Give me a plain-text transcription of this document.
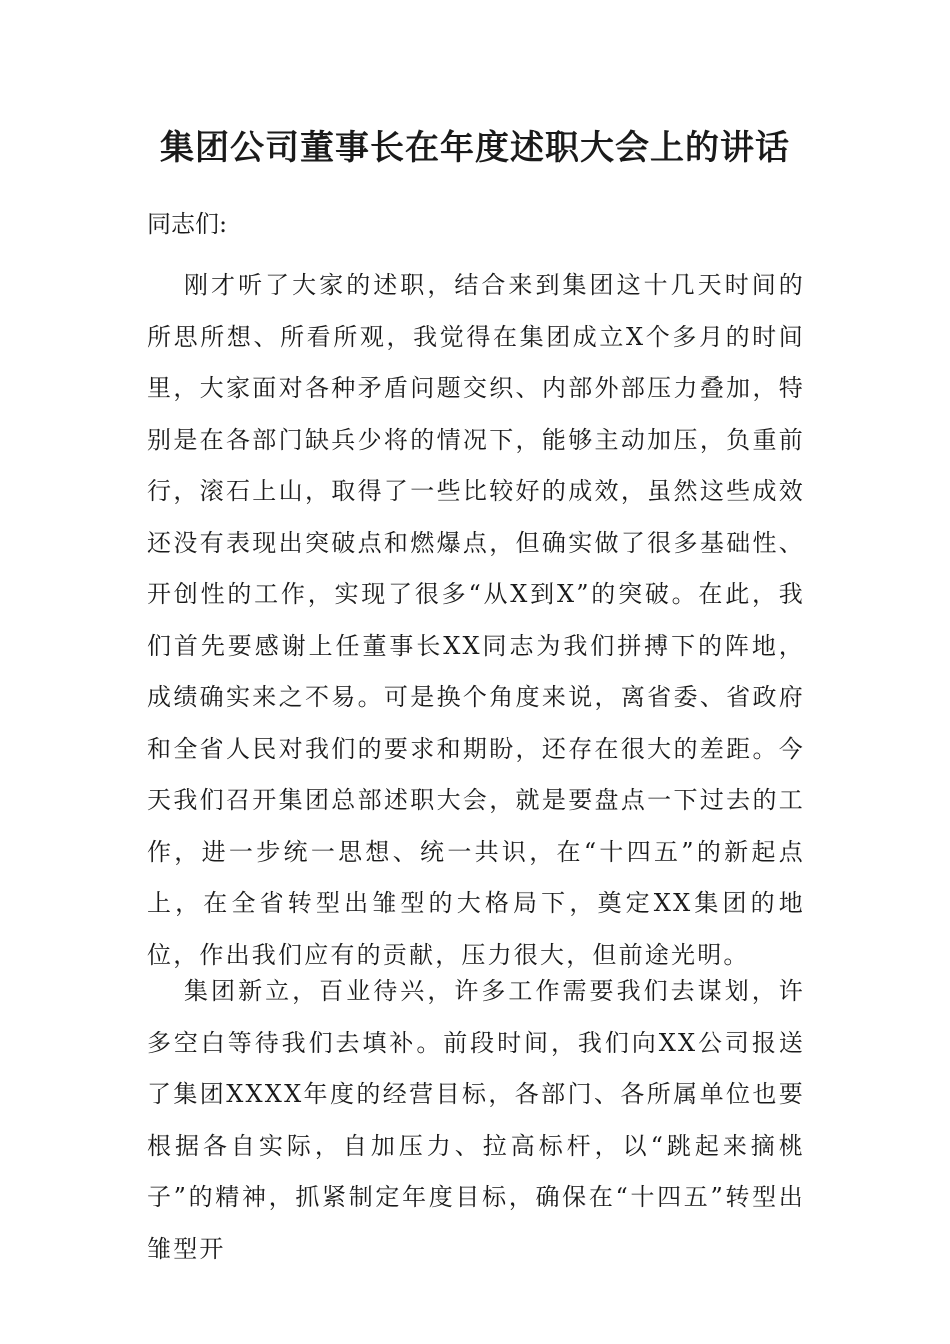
集团公司董事长在年度述职大会上的讲话

同志们:

刚才听了大家的述职，结合来到集团这十几天时间的所思所想、所看所观，我觉得在集团成立X个多月的时间里，大家面对各种矛盾问题交织、内部外部压力叠加，特别是在各部门缺兵少将的情况下，能够主动加压，负重前行，滚石上山，取得了一些比较好的成效，虽然这些成效还没有表现出突破点和燃爆点，但确实做了很多基础性、开创性的工作，实现了很多“从X到X”的突破。在此，我们首先要感谢上任董事长XX同志为我们拼搏下的阵地，成绩确实来之不易。可是换个角度来说，离省委、省政府和全省人民对我们的要求和期盼，还存在很大的差距。今天我们召开集团总部述职大会，就是要盘点一下过去的工作，进一步统一思想、统一共识，在“十四五”的新起点上，在全省转型出雏型的大格局下，奠定XX集团的地位，作出我们应有的贡献，压力很大，但前途光明。

集团新立，百业待兴，许多工作需要我们去谋划，许多空白等待我们去填补。前段时间，我们向XX公司报送了集团XXXX年度的经营目标，各部门、各所属单位也要根据各自实际，自加压力、拉高标杆，以“跳起来摘桃子”的精神，抓紧制定年度目标，确保在“十四五”转型出雏型开
